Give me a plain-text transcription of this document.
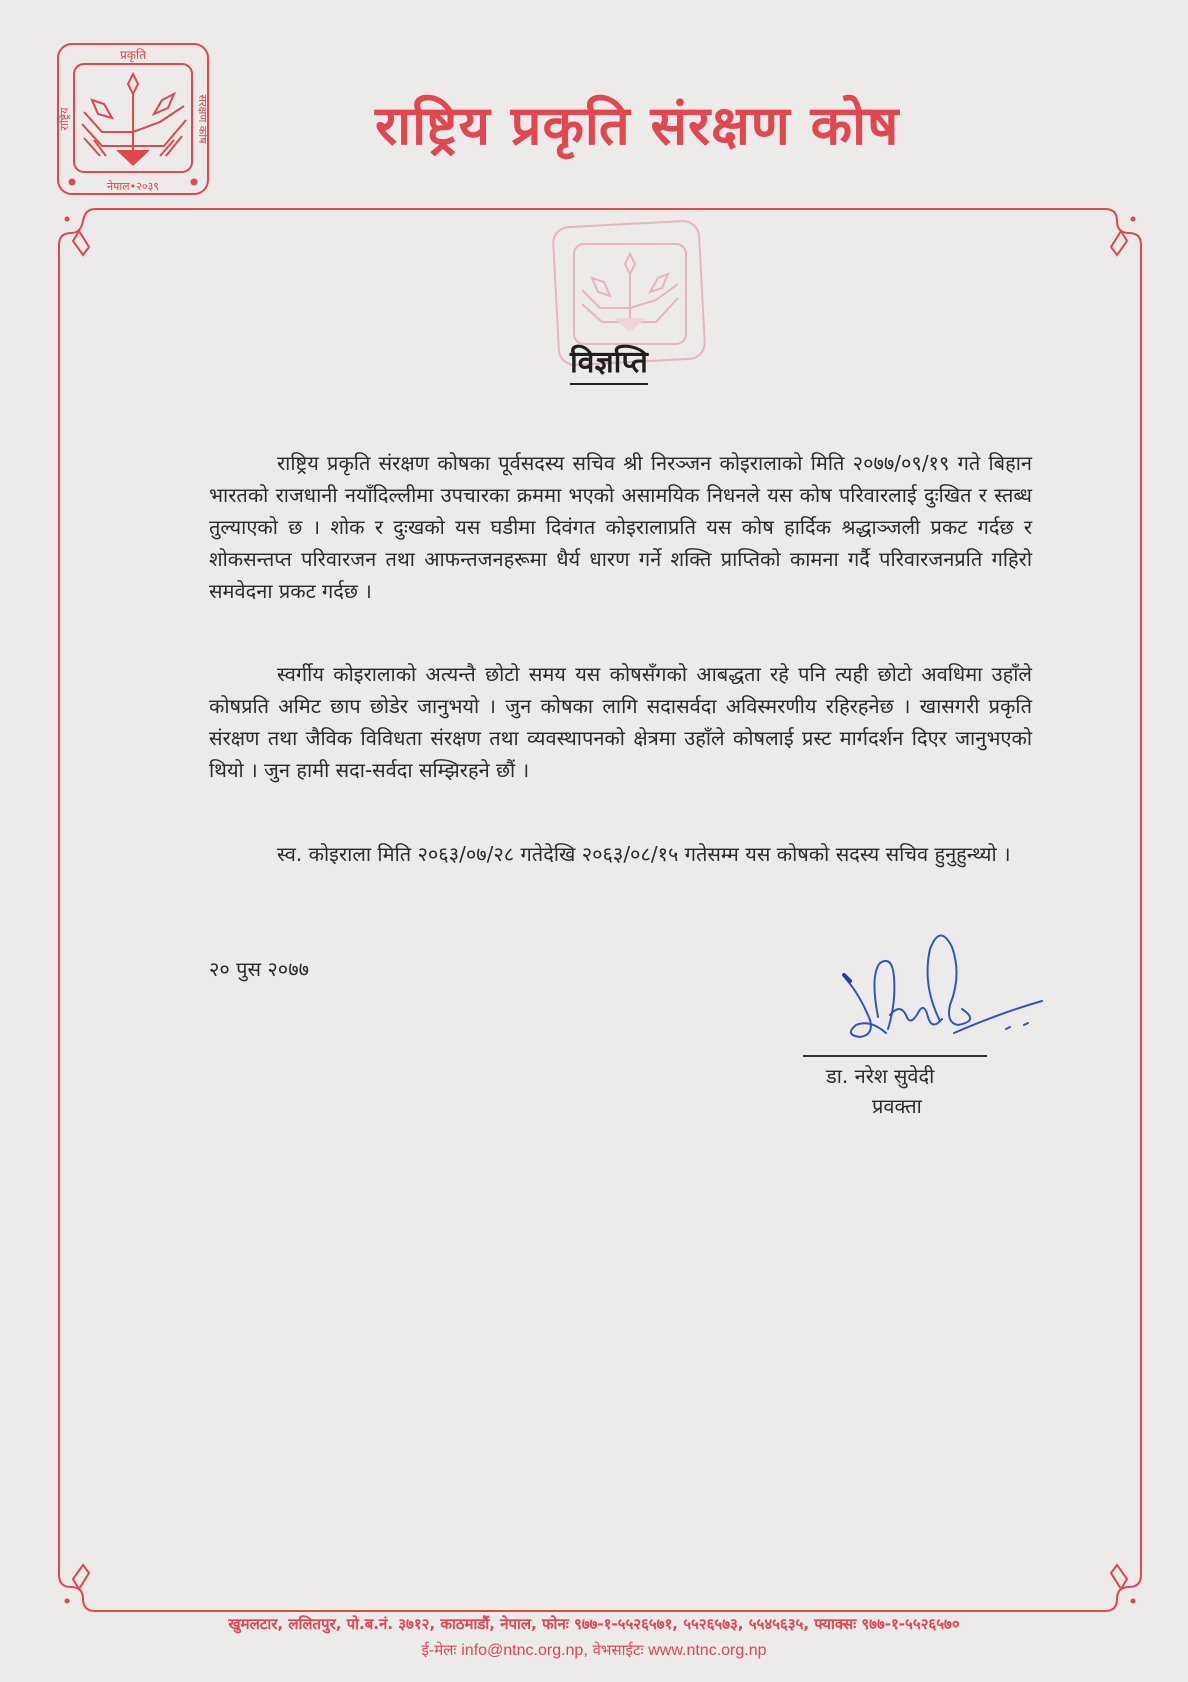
प्रकृति
नेपाल•२०३९
राष्ट्रिय	संरक्षण कोष	राष्ट्रिय प्रकृति संरक्षण कोष
विज्ञप्ति
राष्ट्रिय प्रकृति संरक्षण कोषका पूर्वसदस्य सचिव श्री निरञ्जन कोइरालाको मिति २०७७/०९/१९ गते बिहान भारतको राजधानी नयाँदिल्लीमा उपचारका क्रममा भएको असामयिक निधनले यस कोष परिवारलाई दुःखित र स्तब्ध तुल्याएको छ । शोक र दुःखको यस घडीमा दिवंगत कोइरालाप्रति यस कोष हार्दिक श्रद्धाञ्जली प्रकट गर्दछ र शोकसन्तप्त परिवारजन तथा आफन्तजनहरूमा धैर्य धारण गर्ने शक्ति प्राप्तिको कामना गर्दै परिवारजनप्रति गहिरो समवेदना प्रकट गर्दछ ।
स्वर्गीय कोइरालाको अत्यन्तै छोटो समय यस कोषसँगको आबद्धता रहे पनि त्यही छोटो अवधिमा उहाँले कोषप्रति अमिट छाप छोडेर जानुभयो । जुन कोषका लागि सदासर्वदा अविस्मरणीय रहिरहनेछ । खासगरी प्रकृति संरक्षण तथा जैविक विविधता संरक्षण तथा व्यवस्थापनको क्षेत्रमा उहाँले कोषलाई प्रस्ट मार्गदर्शन दिएर जानुभएको थियो । जुन हामी सदा-सर्वदा सम्झिरहने छौं ।
स्व. कोइराला मिति २०६३/०७/२८ गतेदेखि २०६३/०८/१५ गतेसम्म यस कोषको सदस्य सचिव हुनुहुन्थ्यो ।
२० पुस २०७७
डा. नरेश सुवेदी
प्रवक्ता
खुमलटार, ललितपुर, पो.ब.नं. ३७१२, काठमाडौं, नेपाल, फोनः ९७७-१-५५२६५७१, ५५२६५७३, ५५४५६३५, फ्याक्सः ९७७-१-५५२६५७०
ई-मेलः info@ntnc.org.np, वेभसाईटः www.ntnc.org.np
